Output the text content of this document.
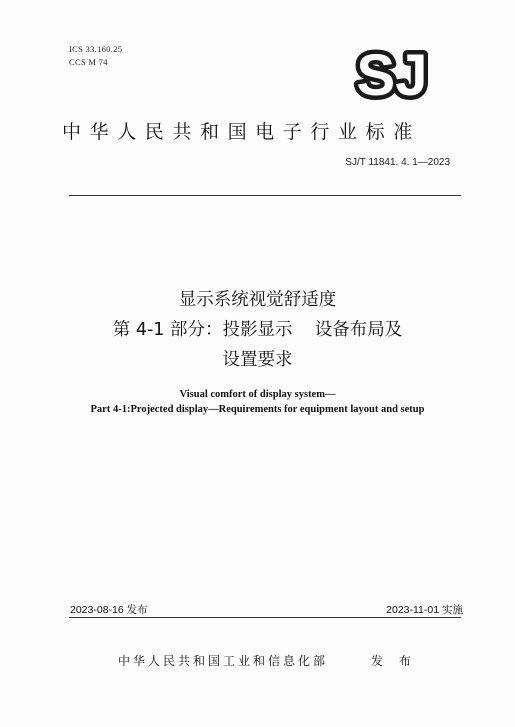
ICS 33.160.25
CCS M 74	SJ
中华人民共和国电子行业标准
SJ/T 11841. 4. 1—2023
显示系统视觉舒适度
第 4-1 部分：投影显示    设备布局及
设置要求
Visual comfort of display system—
Part 4-1:Projected display—Requirements for equipment layout and setup
2023-08-16 发布	2023-11-01 实施
中华人民共和国工业和信息化部	发 布
